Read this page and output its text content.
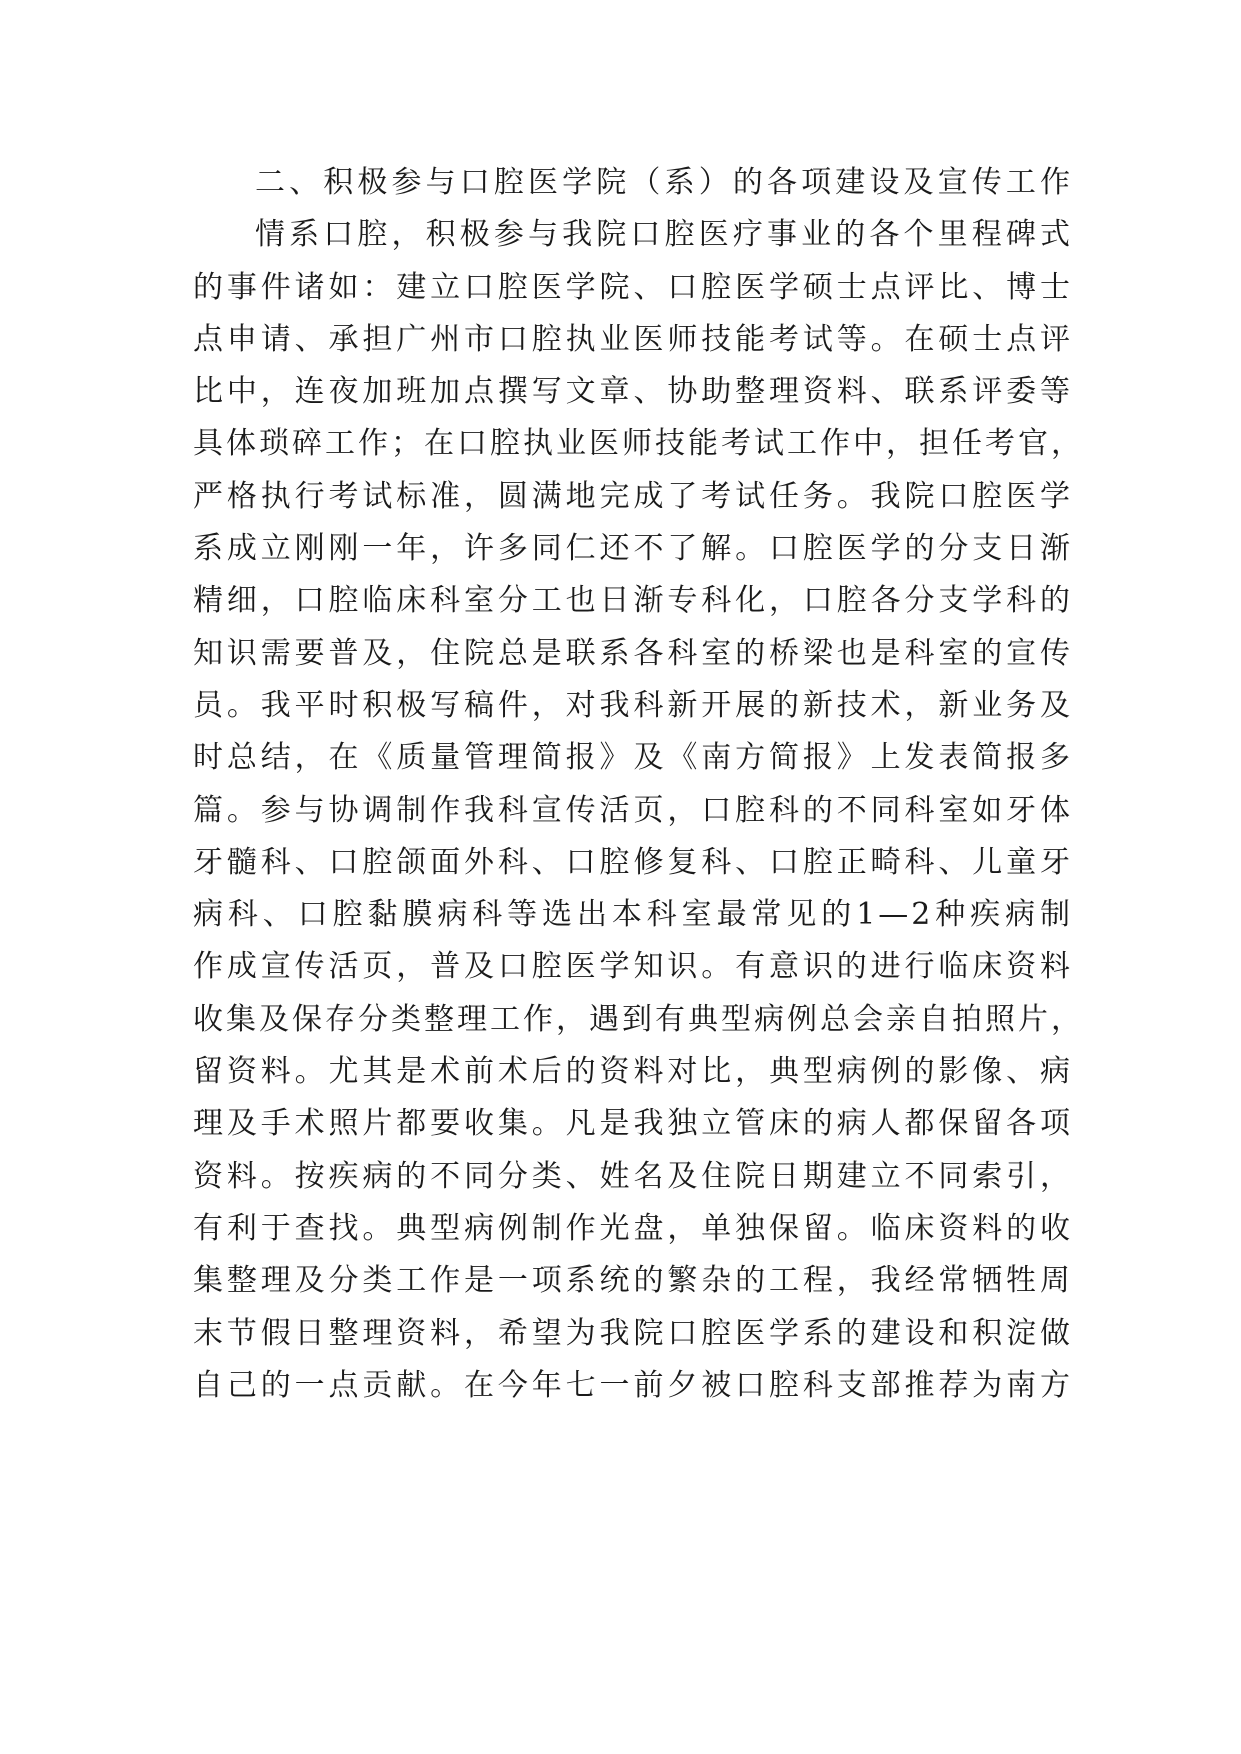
二、积极参与口腔医学院（系）的各项建设及宣传工作
情系口腔，积极参与我院口腔医疗事业的各个里程碑式
的事件诸如：建立口腔医学院、口腔医学硕士点评比、博士
点申请、承担广州市口腔执业医师技能考试等。在硕士点评
比中，连夜加班加点撰写文章、协助整理资料、联系评委等
具体琐碎工作；在口腔执业医师技能考试工作中，担任考官，
严格执行考试标准，圆满地完成了考试任务。我院口腔医学
系成立刚刚一年，许多同仁还不了解。口腔医学的分支日渐
精细，口腔临床科室分工也日渐专科化，口腔各分支学科的
知识需要普及，住院总是联系各科室的桥梁也是科室的宣传
员。我平时积极写稿件，对我科新开展的新技术，新业务及
时总结，在《质量管理简报》及《南方简报》上发表简报多
篇。参与协调制作我科宣传活页，口腔科的不同科室如牙体
牙髓科、口腔颌面外科、口腔修复科、口腔正畸科、儿童牙
病科、口腔黏膜病科等选出本科室最常见的1—2种疾病制
作成宣传活页，普及口腔医学知识。有意识的进行临床资料
收集及保存分类整理工作，遇到有典型病例总会亲自拍照片，
留资料。尤其是术前术后的资料对比，典型病例的影像、病
理及手术照片都要收集。凡是我独立管床的病人都保留各项
资料。按疾病的不同分类、姓名及住院日期建立不同索引，
有利于查找。典型病例制作光盘，单独保留。临床资料的收
集整理及分类工作是一项系统的繁杂的工程，我经常牺牲周
末节假日整理资料，希望为我院口腔医学系的建设和积淀做
自己的一点贡献。在今年七一前夕被口腔科支部推荐为南方
